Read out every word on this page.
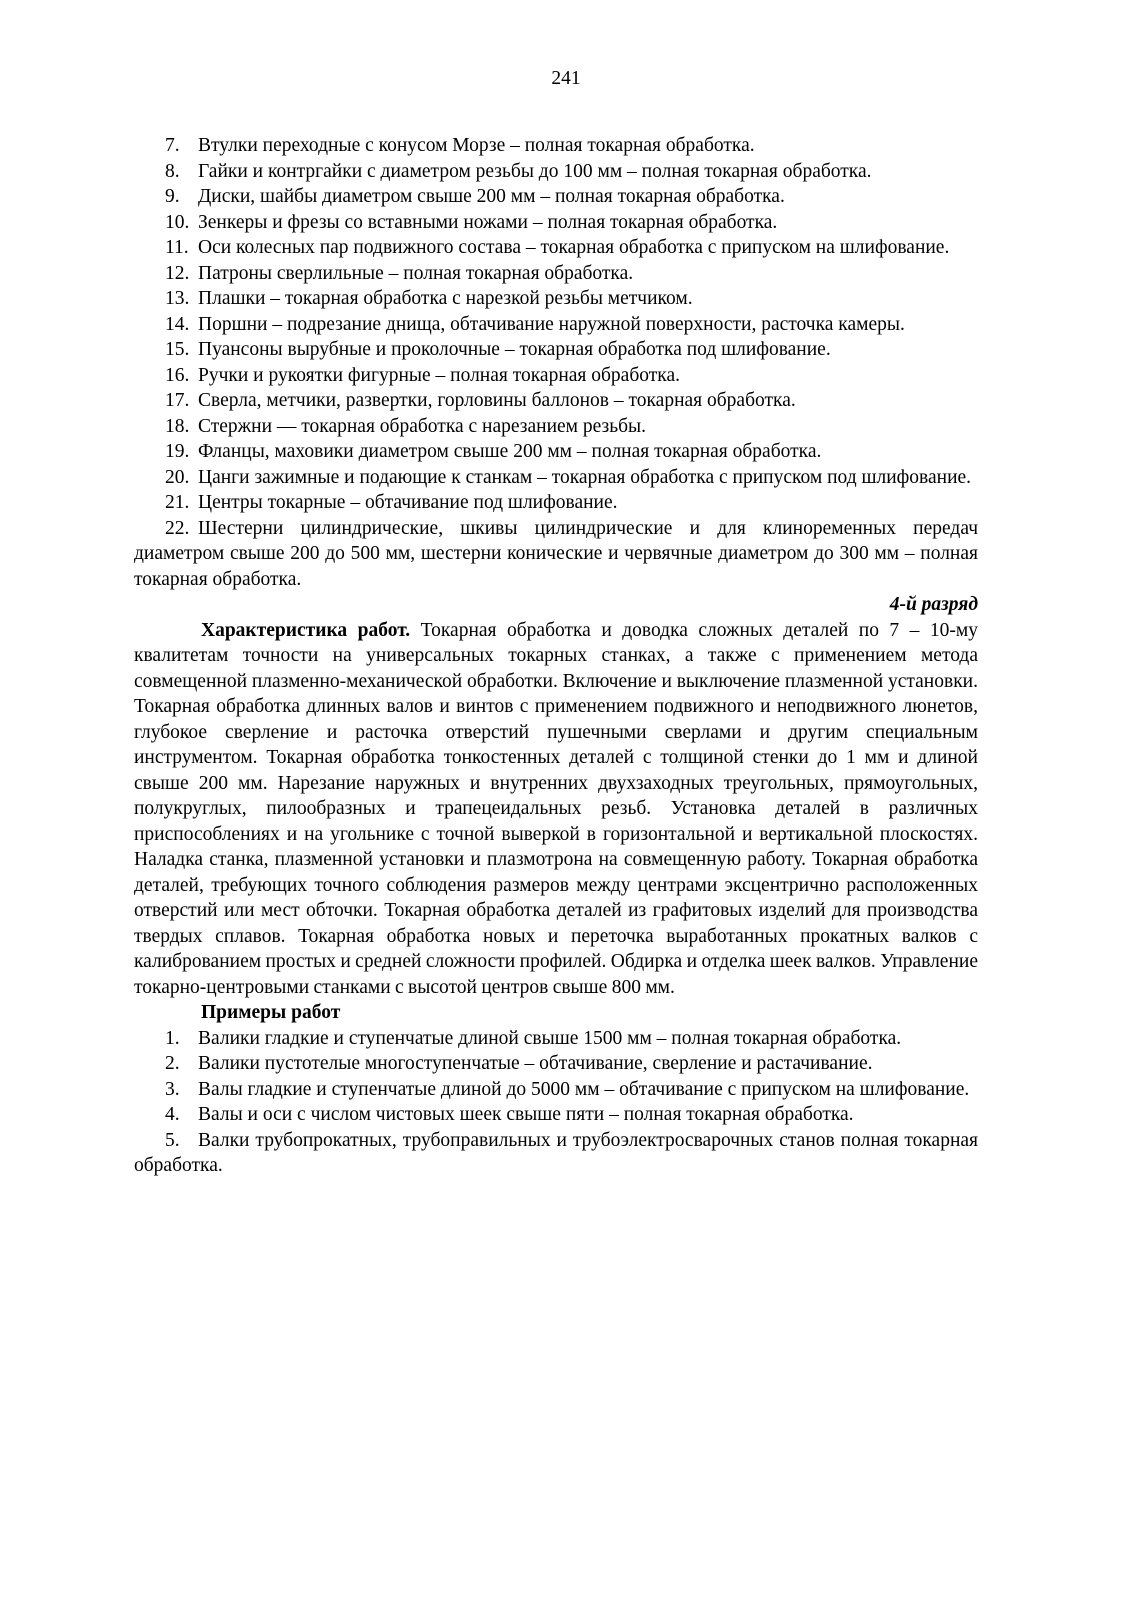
241

7. Втулки переходные с конусом Морзе – полная токарная обработка.

8. Гайки и контргайки с диаметром резьбы до 100 мм – полная токарная обработка.

9. Диски, шайбы диаметром свыше 200 мм – полная токарная обработка.

10. Зенкеры и фрезы со вставными ножами – полная токарная обработка.

11. Оси колесных пар подвижного состава – токарная обработка с припуском на шлифование.

12. Патроны сверлильные – полная токарная обработка.

13. Плашки – токарная обработка с нарезкой резьбы метчиком.

14. Поршни – подрезание днища, обтачивание наружной поверхности, расточка камеры.

15. Пуансоны вырубные и проколочные – токарная обработка под шлифование.

16. Ручки и рукоятки фигурные – полная токарная обработка.

17. Сверла, метчики, развертки, горловины баллонов – токарная обработка.

18. Стержни — токарная обработка с нарезанием резьбы.

19. Фланцы, маховики диаметром свыше 200 мм – полная токарная обработка.

20. Цанги зажимные и подающие к станкам – токарная обработка с припуском под шлифование.

21. Центры токарные – обтачивание под шлифование.

22. Шестерни цилиндрические, шкивы цилиндрические и для клиноременных передач диаметром свыше 200 до 500 мм, шестерни конические и червячные диаметром до 300 мм – полная токарная обработка.

4-й разряд

Характеристика работ. Токарная обработка и доводка сложных деталей по 7 – 10-му квалитетам точности на универсальных токарных станках, а также с применением метода совмещенной плазменно-механической обработки. Включение и выключение плазменной установки. Токарная обработка длинных валов и винтов с применением подвижного и неподвижного люнетов, глубокое сверление и расточка отверстий пушечными сверлами и другим специальным инструментом. Токарная обработка тонкостенных деталей с толщиной стенки до 1 мм и длиной свыше 200 мм. Нарезание наружных и внутренних двухзаходных треугольных, прямоугольных, полукруглых, пилообразных и трапецеидальных резьб. Установка деталей в различных приспособлениях и на угольнике с точной выверкой в горизонтальной и вертикальной плоскостях. Наладка станка, плазменной установки и плазмотрона на совмещенную работу. Токарная обработка деталей, требующих точного соблюдения размеров между центрами эксцентрично расположенных отверстий или мест обточки. Токарная обработка деталей из графитовых изделий для производства твердых сплавов. Токарная обработка новых и переточка выработанных прокатных валков с калиброванием простых и средней сложности профилей. Обдирка и отделка шеек валков. Управление токарно-центровыми станками с высотой центров свыше 800 мм.

Примеры работ

1. Валики гладкие и ступенчатые длиной свыше 1500 мм – полная токарная обработка.

2. Валики пустотелые многоступенчатые – обтачивание, сверление и растачивание.

3. Валы гладкие и ступенчатые длиной до 5000 мм – обтачивание с припуском на шлифование.

4. Валы и оси с числом чистовых шеек свыше пяти – полная токарная обработка.

5. Валки трубопрокатных, трубоправильных и трубоэлектросварочных станов полная токарная обработка.
